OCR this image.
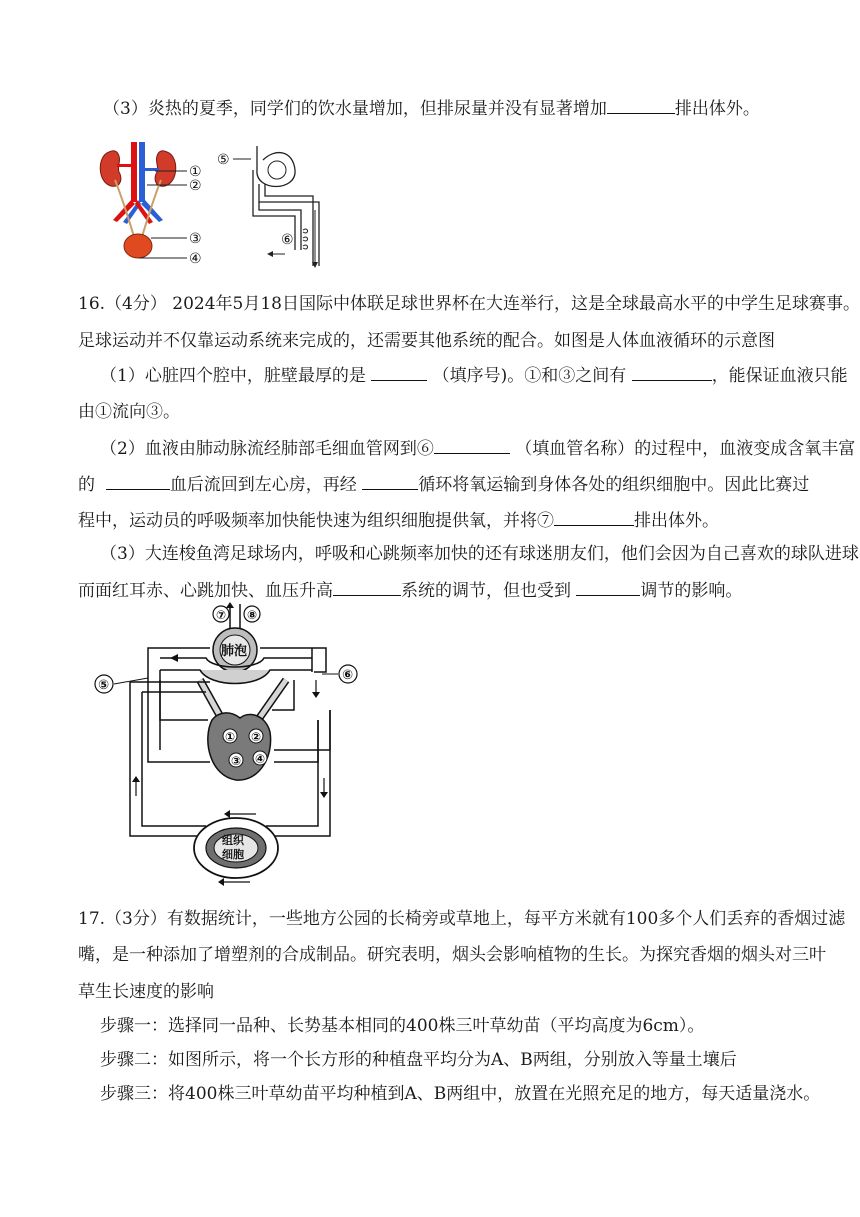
（3）炎热的夏季，同学们的饮水量增加，但排尿量并没有显著增加	排出体外。
①
②
③
④
⑤
⑥
16.（4分） 2024年5月18日国际中体联足球世界杯在大连举行，这是全球最高水平的中学生足球赛事。
足球运动并不仅靠运动系统来完成的，还需要其他系统的配合。如图是人体血液循环的示意图
（1）心脏四个腔中，脏壁最厚的是	（填序号)。①和③之间有	，能保证血液只能
由①流向③。
（2）血液由肺动脉流经肺部毛细血管网到⑥	（填血管名称）的过程中，血液变成含氧丰富
的	血后流回到左心房，再经	循环将氧运输到身体各处的组织细胞中。因此比赛过
程中，运动员的呼吸频率加快能快速为组织细胞提供氧，并将⑦	排出体外。
（3）大连梭鱼湾足球场内，呼吸和心跳频率加快的还有球迷朋友们，他们会因为自己喜欢的球队进球
而面红耳赤、心跳加快、血压升高	系统的调节，但也受到	调节的影响。
⑦ ⑧
肺泡
① ②
③ ④
组织
细胞
⑤
⑥
17.（3分）有数据统计，一些地方公园的长椅旁或草地上，每平方米就有100多个人们丢弃的香烟过滤
嘴，是一种添加了增塑剂的合成制品。研究表明，烟头会影响植物的生长。为探究香烟的烟头对三叶
草生长速度的影响
步骤一：选择同一品种、长势基本相同的400株三叶草幼苗（平均高度为6cm）。
步骤二：如图所示，将一个长方形的种植盘平均分为A、B两组，分别放入等量土壤后
步骤三：将400株三叶草幼苗平均种植到A、B两组中，放置在光照充足的地方，每天适量浇水。
